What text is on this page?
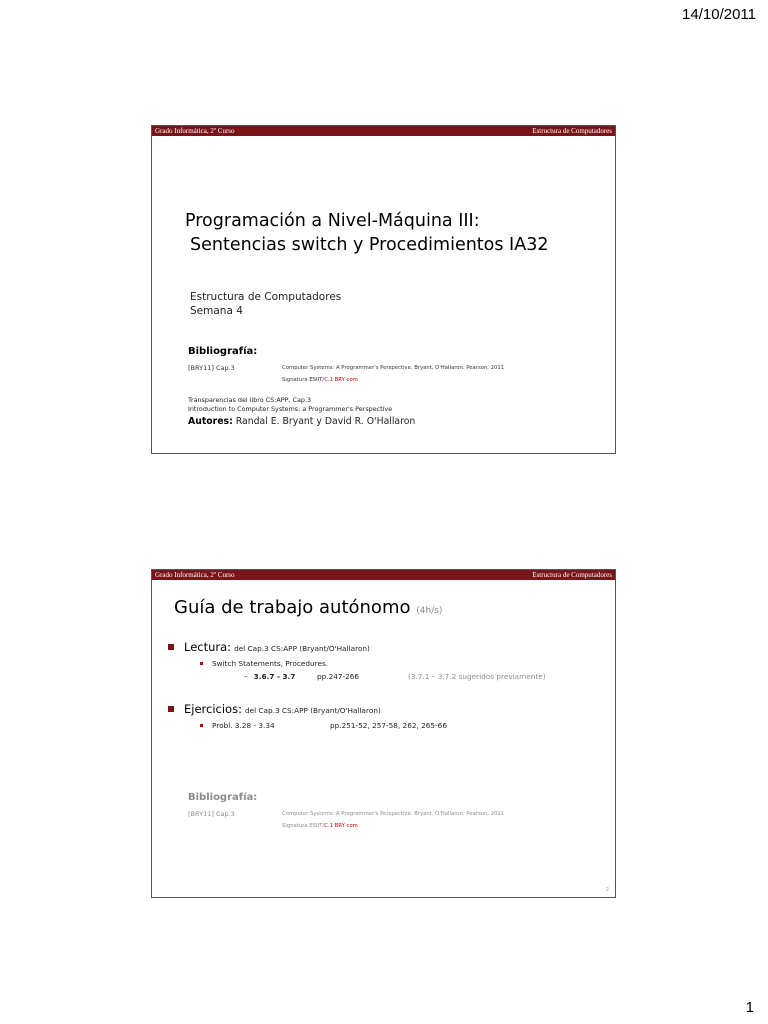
14/10/2011
Grado Informática, 2º Curso	Estructura de Computadores
Programación a Nivel-Máquina III:
Sentencias switch y Procedimientos IA32
Estructura de Computadores
Semana 4
Bibliografía:
[BRY11] Cap.3	Computer Systems: A Programmer's Perspective. Bryant, O'Hallaron. Pearson, 2011
Signatura ESIIT/C.1 BRY com
Transparencias del libro CS:APP, Cap.3
Introduction to Computer Systems: a Programmer's Perspective
Autores: Randal E. Bryant y David R. O'Hallaron
Grado Informática, 2º Curso	Estructura de Computadores
Guía de trabajo autónomo (4h/s)
Lectura: del Cap.3 CS:APP (Bryant/O'Hallaron)
Switch Statements, Procedures.
– 3.6.7 - 3.7	pp.247-266	(3.7.1 – 3.7.2 sugeridos previamente)
Ejercicios: del Cap.3 CS:APP (Bryant/O'Hallaron)
Probl. 3.28 - 3.34	pp.251-52, 257-58, 262, 265-66
Bibliografía:
[BRY11] Cap.3	Computer Systems: A Programmer's Perspective. Bryant, O'Hallaron. Pearson, 2011
Signatura ESIIT/C.1 BRY com
2
1
